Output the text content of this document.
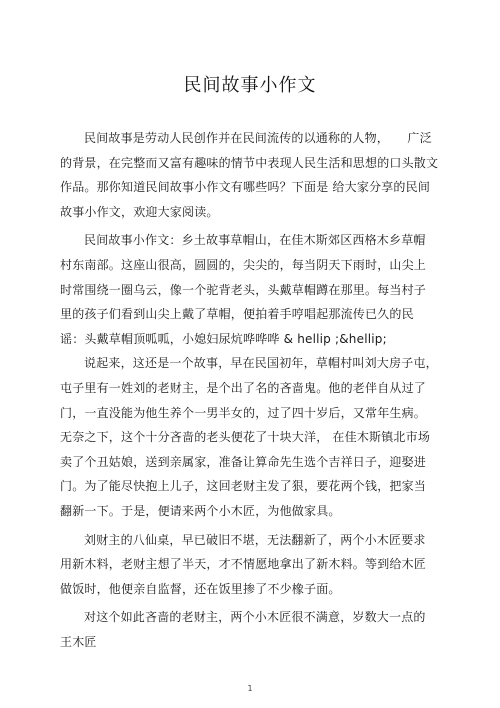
民间故事小作文

民间故事是劳动人民创作并在民间流传的以通称的人物，　　广泛的背景，在完整而又富有趣味的情节中表现人民生活和思想的口头散文 作品。那你知道民间故事小作文有哪些吗？下面是 给大家分享的民间 故事小作文，欢迎大家阅读。

民间故事小作文：乡土故事草帽山，在佳木斯郊区西格木乡草帽 村东南部。这座山很高，圆圆的，尖尖的，每当阴天下雨时，山尖上 时常围绕一圈乌云，像一个驼背老头，头戴草帽蹲在那里。每当村子 里的孩子们看到山尖上戴了草帽，便拍着手哼唱起那流传已久的民 谣：头戴草帽顶呱呱，小媳妇尿炕哗哗哗 & hellip ;&hellip;

说起来，这还是一个故事，早在民国初年，草帽村叫刘大房子屯， 屯子里有一姓刘的老财主，是个出了名的吝啬鬼。他的老伴自从过了 门，一直没能为他生养个一男半女的，过了四十岁后，又常年生病。 无奈之下，这个十分吝啬的老头便花了十块大洋， 在佳木斯镇北市场 卖了个丑姑娘，送到亲属家，准备让算命先生选个吉祥日子，迎娶进 门。为了能尽快抱上儿子，这回老财主发了狠，要花两个钱，把家当 翻新一下。于是，便请来两个小木匠，为他做家具。

刘财主的八仙桌，早已破旧不堪，无法翻新了，两个小木匠要求 用新木料，老财主想了半天，才不情愿地拿出了新木料。等到给木匠 做饭时，他便亲自监督，还在饭里掺了不少橡子面。

对这个如此吝啬的老财主，两个小木匠很不满意，岁数大一点的 王木匠

1
